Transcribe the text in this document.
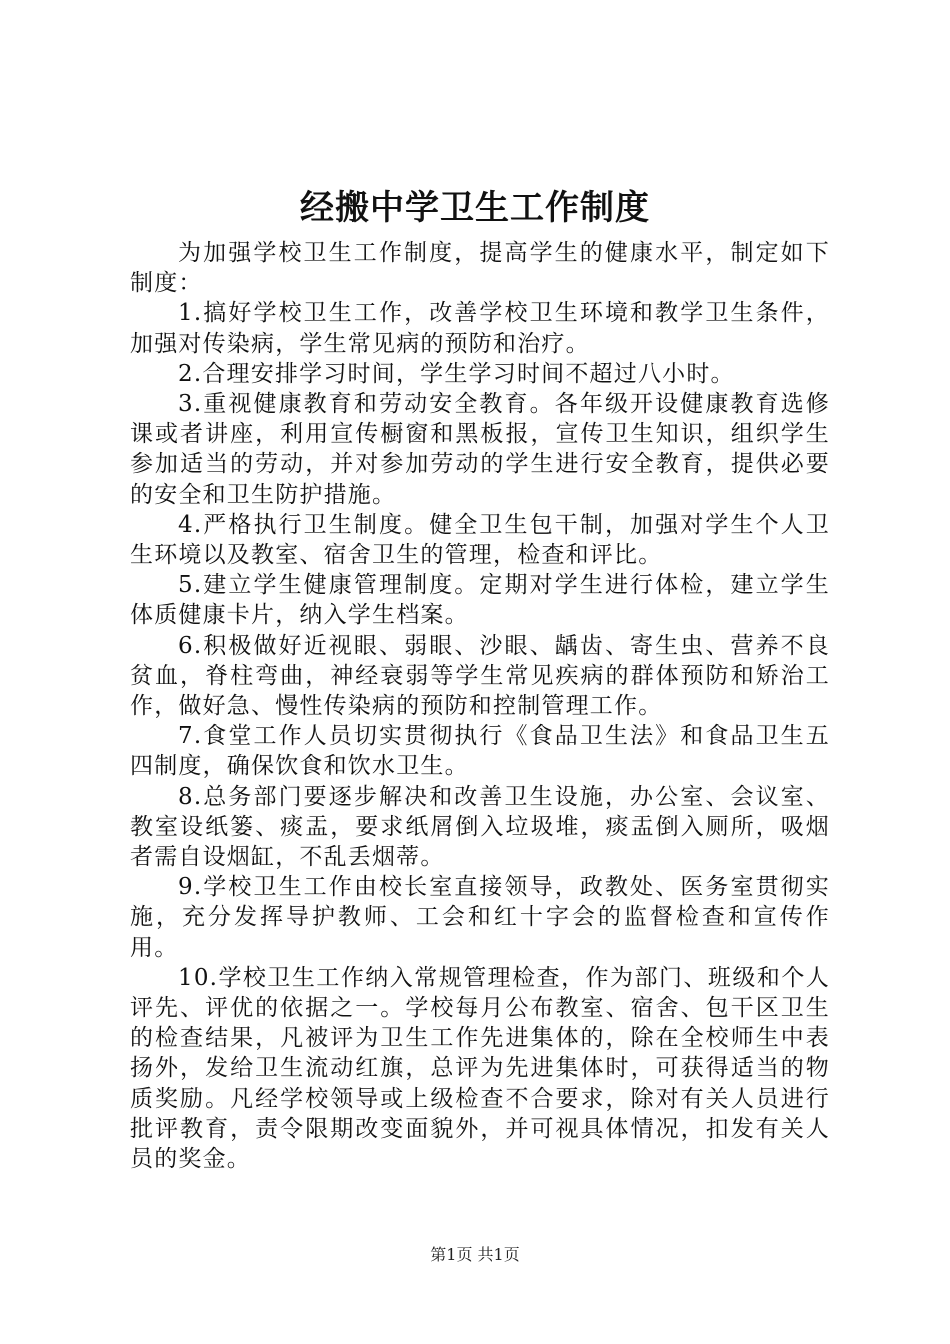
经搬中学卫生工作制度

为加强学校卫生工作制度，提高学生的健康水平，制定如下制度：

1.搞好学校卫生工作，改善学校卫生环境和教学卫生条件，加强对传染病，学生常见病的预防和治疗。

2.合理安排学习时间，学生学习时间不超过八小时。

3.重视健康教育和劳动安全教育。各年级开设健康教育选修课或者讲座，利用宣传橱窗和黑板报，宣传卫生知识，组织学生参加适当的劳动，并对参加劳动的学生进行安全教育，提供必要的安全和卫生防护措施。

4.严格执行卫生制度。健全卫生包干制，加强对学生个人卫生环境以及教室、宿舍卫生的管理，检查和评比。

5.建立学生健康管理制度。定期对学生进行体检，建立学生体质健康卡片，纳入学生档案。

6.积极做好近视眼、弱眼、沙眼、龋齿、寄生虫、营养不良贫血，脊柱弯曲，神经衰弱等学生常见疾病的群体预防和矫治工作，做好急、慢性传染病的预防和控制管理工作。

7.食堂工作人员切实贯彻执行《食品卫生法》和食品卫生五四制度，确保饮食和饮水卫生。

8.总务部门要逐步解决和改善卫生设施，办公室、会议室、教室设纸篓、痰盂，要求纸屑倒入垃圾堆，痰盂倒入厕所，吸烟者需自设烟缸，不乱丢烟蒂。

9.学校卫生工作由校长室直接领导，政教处、医务室贯彻实施，充分发挥导护教师、工会和红十字会的监督检查和宣传作用。

10.学校卫生工作纳入常规管理检查，作为部门、班级和个人评先、评优的依据之一。学校每月公布教室、宿舍、包干区卫生的检查结果，凡被评为卫生工作先进集体的，除在全校师生中表扬外，发给卫生流动红旗，总评为先进集体时，可获得适当的物质奖励。凡经学校领导或上级检查不合要求，除对有关人员进行批评教育，责令限期改变面貌外，并可视具体情况，扣发有关人员的奖金。

第1页 共1页
